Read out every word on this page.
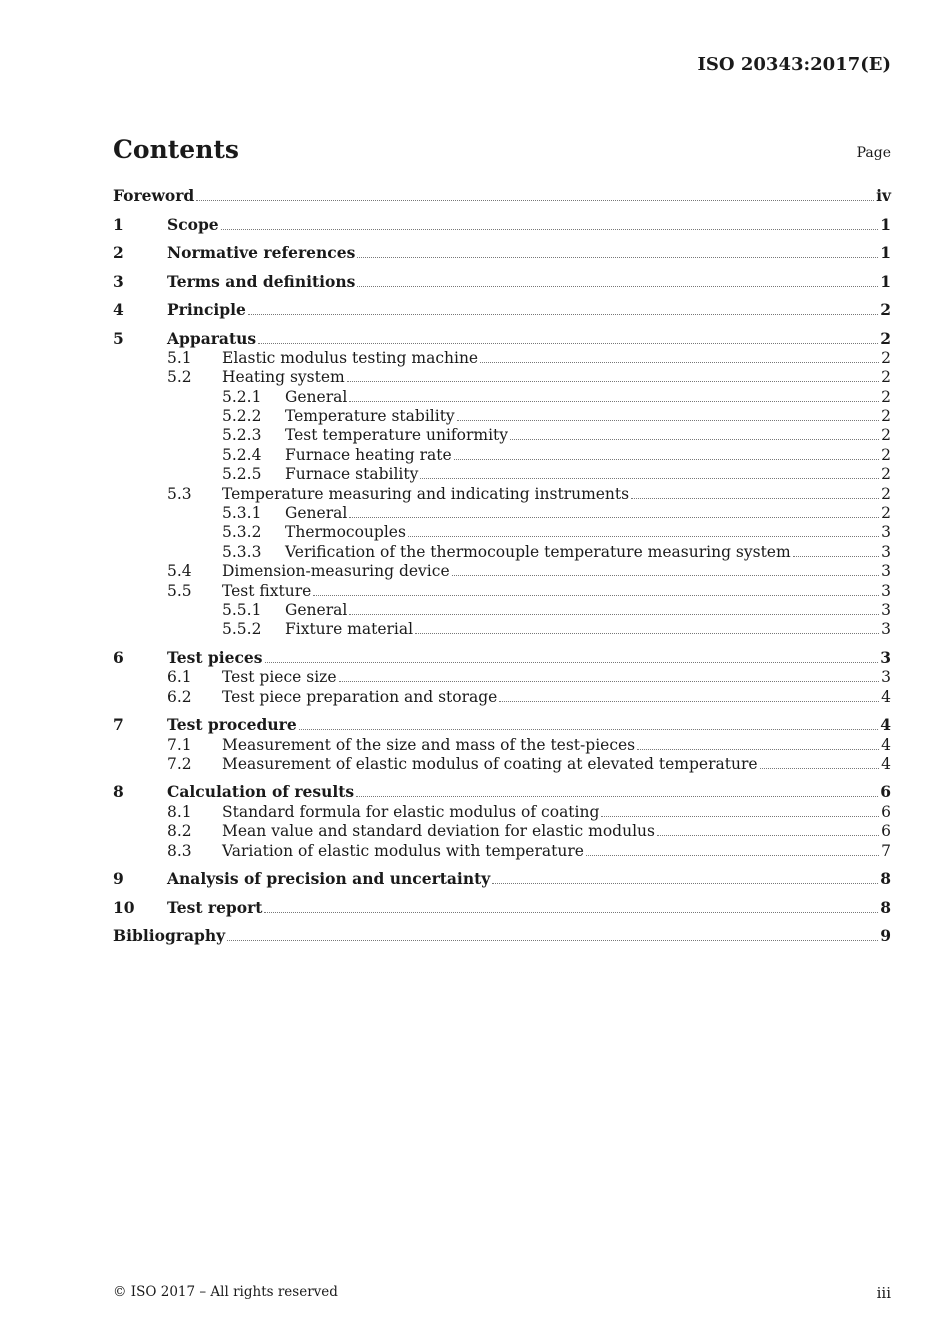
ISO 20343:2017(E)
Contents	Page
Foreword	iv
1	Scope	1
2	Normative references	1
3	Terms and definitions	1
4	Principle	2
5	Apparatus	2
5.1	Elastic modulus testing machine	2
5.2	Heating system	2
5.2.1	General	2
5.2.2	Temperature stability	2
5.2.3	Test temperature uniformity	2
5.2.4	Furnace heating rate	2
5.2.5	Furnace stability	2
5.3	Temperature measuring and indicating instruments	2
5.3.1	General	2
5.3.2	Thermocouples	3
5.3.3	Verification of the thermocouple temperature measuring system	3
5.4	Dimension-measuring device	3
5.5	Test fixture	3
5.5.1	General	3
5.5.2	Fixture material	3
6	Test pieces	3
6.1	Test piece size	3
6.2	Test piece preparation and storage	4
7	Test procedure	4
7.1	Measurement of the size and mass of the test-pieces	4
7.2	Measurement of elastic modulus of coating at elevated temperature	4
8	Calculation of results	6
8.1	Standard formula for elastic modulus of coating	6
8.2	Mean value and standard deviation for elastic modulus	6
8.3	Variation of elastic modulus with temperature	7
9	Analysis of precision and uncertainty	8
10	Test report	8
Bibliography	9
© ISO 2017 – All rights reserved	iii
